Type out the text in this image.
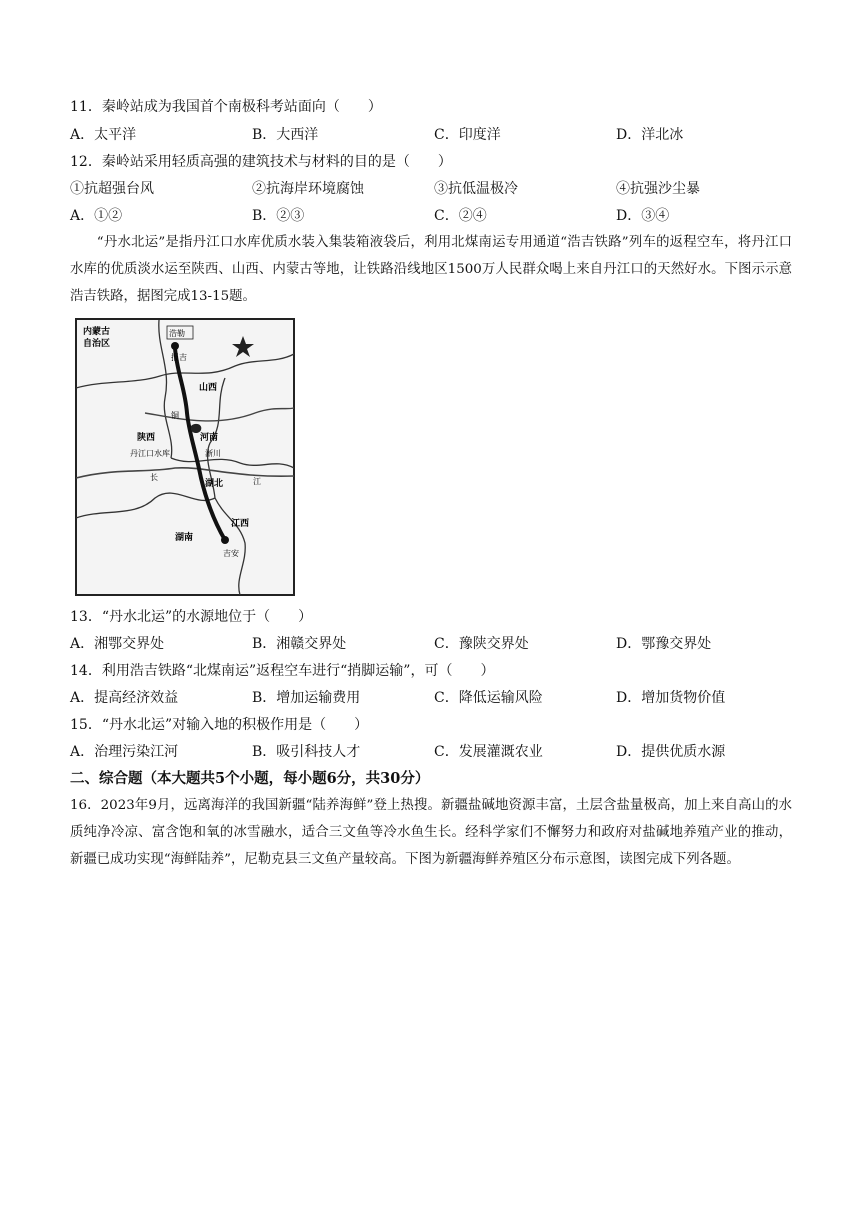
11．秦岭站成为我国首个南极科考站面向（　　）
A．太平洋	B．大西洋	C．印度洋	D．洋北冰
12．秦岭站采用轻质高强的建筑技术与材料的目的是（　　）
①抗超强台风	②抗海岸环境腐蚀	③抗低温极冷	④抗强沙尘暴
A．①②	B．②③	C．②④	D．③④
“丹水北运”是指丹江口水库优质水装入集装箱液袋后，利用北煤南运专用通道“浩吉铁路”列车的返程空车，将丹江口水库的优质淡水运至陕西、山西、内蒙古等地，让铁路沿线地区1500万人民群众喝上来自丹江口的天然好水。下图示示意浩吉铁路，据图完成13-15题。
内蒙古
自治区
浩勒
报吉
山西
铜
陕西	河南
淅川
丹江口水库
长
湖北	江
湖南
江西
吉安
13．“丹水北运”的水源地位于（　　）
A．湘鄂交界处	B．湘赣交界处	C．豫陕交界处	D．鄂豫交界处
14．利用浩吉铁路“北煤南运”返程空车进行“捎脚运输”，可（　　）
A．提高经济效益	B．增加运输费用	C．降低运输风险	D．增加货物价值
15．“丹水北运”对输入地的积极作用是（　　）
A．治理污染江河	B．吸引科技人才	C．发展灌溉农业	D．提供优质水源
二、综合题（本大题共5个小题，每小题6分，共30分）
16．2023年9月，远离海洋的我国新疆“陆养海鲜”登上热搜。新疆盐碱地资源丰富，土层含盐量极高，加上来自高山的水质纯净冷凉、富含饱和氧的冰雪融水，适合三文鱼等冷水鱼生长。经科学家们不懈努力和政府对盐碱地养殖产业的推动，新疆已成功实现“海鲜陆养”，尼勒克县三文鱼产量较高。下图为新疆海鲜养殖区分布示意图，读图完成下列各题。
